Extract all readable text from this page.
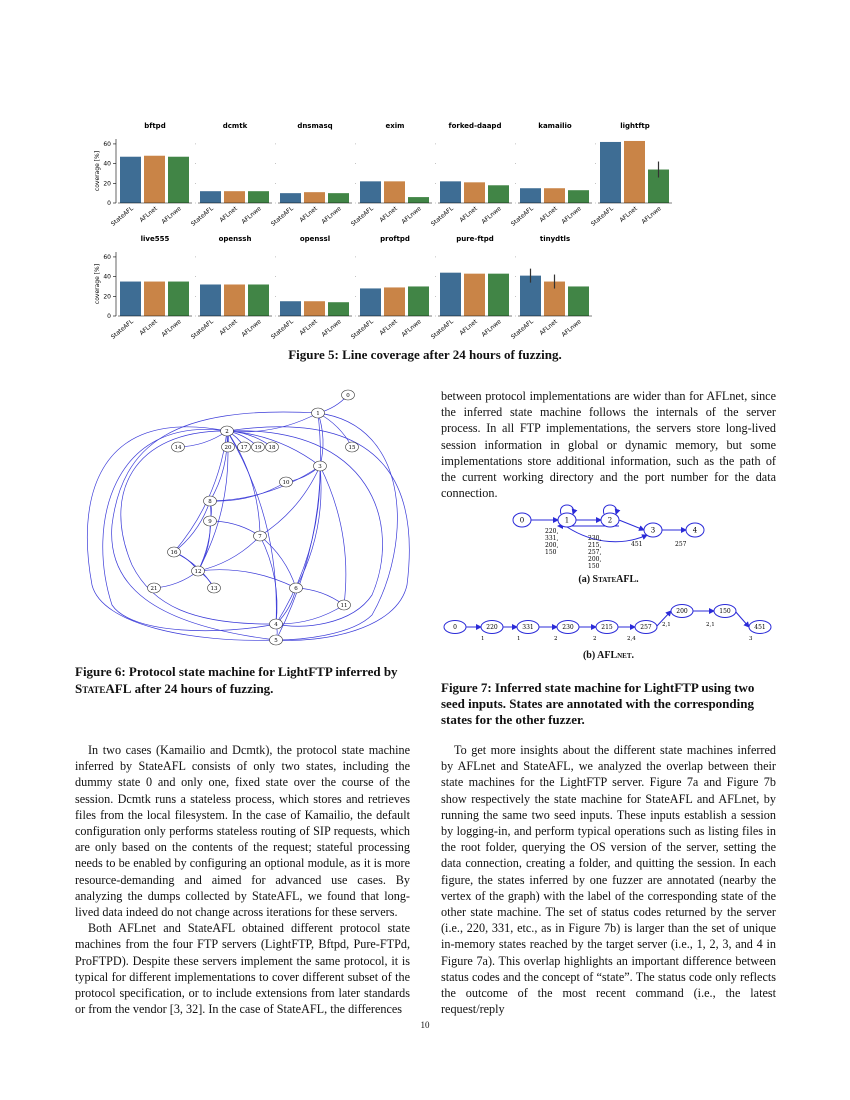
bftpd
0
20
40
60
coverage [%]
StateAFL AFLnet AFLnwe
dcmtk
StateAFL AFLnet AFLnwe
dnsmasq
StateAFL AFLnet AFLnwe
exim
StateAFL AFLnet AFLnwe
forked-daapd
StateAFL AFLnet AFLnwe
kamailio
StateAFL AFLnet AFLnwe
lightftp
StateAFL AFLnet AFLnwe
live555
0
20
40
60
coverage [%]
StateAFL AFLnet AFLnwe
openssh
StateAFL AFLnet AFLnwe
openssl
StateAFL AFLnet AFLnwe
proftpd
StateAFL AFLnet AFLnwe
pure-ftpd
StateAFL AFLnet AFLnwe
tinydtls
StateAFL AFLnet AFLnwe
Figure 5: Line coverage after 24 hours of fuzzing.
0
1
2
3
4
5
6
7
8
9
10
11
12
13
14	15
16
17	18
19
20
21
Figure 6: Protocol state machine for LightFTP inferred by StateAFL after 24 hours of fuzzing.

between protocol implementations are wider than for AFLnet, since the inferred state machine follows the internals of the server process. In all FTP implementations, the servers store long-lived session information in global or dynamic memory, but some implementations store additional information, such as the path of the current working directory and the port number for the data connection.

0	1	2
3	4
220,
331,
200,
150
230,
215,
257,
200,
150
451	257
(a) StateAFL.
0	220	331	230	215	257
200	150
451
1	1	2	2	2,4
2,1	2,1
3
(b) AFLnet.
Figure 7: Inferred state machine for LightFTP using two seed inputs. States are annotated with the corresponding states for the other fuzzer.

In two cases (Kamailio and Dcmtk), the protocol state machine inferred by StateAFL consists of only two states, including the dummy state 0 and only one, fixed state over the course of the session. Dcmtk runs a stateless process, which stores and retrieves files from the local filesystem. In the case of Kamailio, the default configuration only performs stateless routing of SIP requests, which are only based on the contents of the request; stateful processing needs to be enabled by configuring an optional module, as it is more resource-demanding and aimed for advanced use cases. By analyzing the dumps collected by StateAFL, we found that long-lived data indeed do not change across iterations for these servers.

Both AFLnet and StateAFL obtained different protocol state machines from the four FTP servers (LightFTP, Bftpd, Pure-FTPd, ProFTPD). Despite these servers implement the same protocol, it is typical for different implementations to cover different subset of the protocol specification, or to include extensions from later standards or from the vendor [3, 32]. In the case of StateAFL, the differences

To get more insights about the different state machines inferred by AFLnet and StateAFL, we analyzed the overlap between their state machines for the LightFTP server. Figure 7a and Figure 7b show respectively the state machine for StateAFL and AFLnet, by running the same two seed inputs. These inputs establish a session by logging-in, and perform typical operations such as listing files in the root folder, querying the OS version of the server, setting the data connection, creating a folder, and quitting the session. In each figure, the states inferred by one fuzzer are annotated (nearby the vertex of the graph) with the label of the corresponding state of the other state machine. The set of status codes returned by the server (i.e., 220, 331, etc., as in Figure 7b) is larger than the set of unique in-memory states reached by the target server (i.e., 1, 2, 3, and 4 in Figure 7a). This overlap highlights an important difference between status codes and the concept of “state”. The status code only reflects the outcome of the most recent command (i.e., the latest request/reply

10
